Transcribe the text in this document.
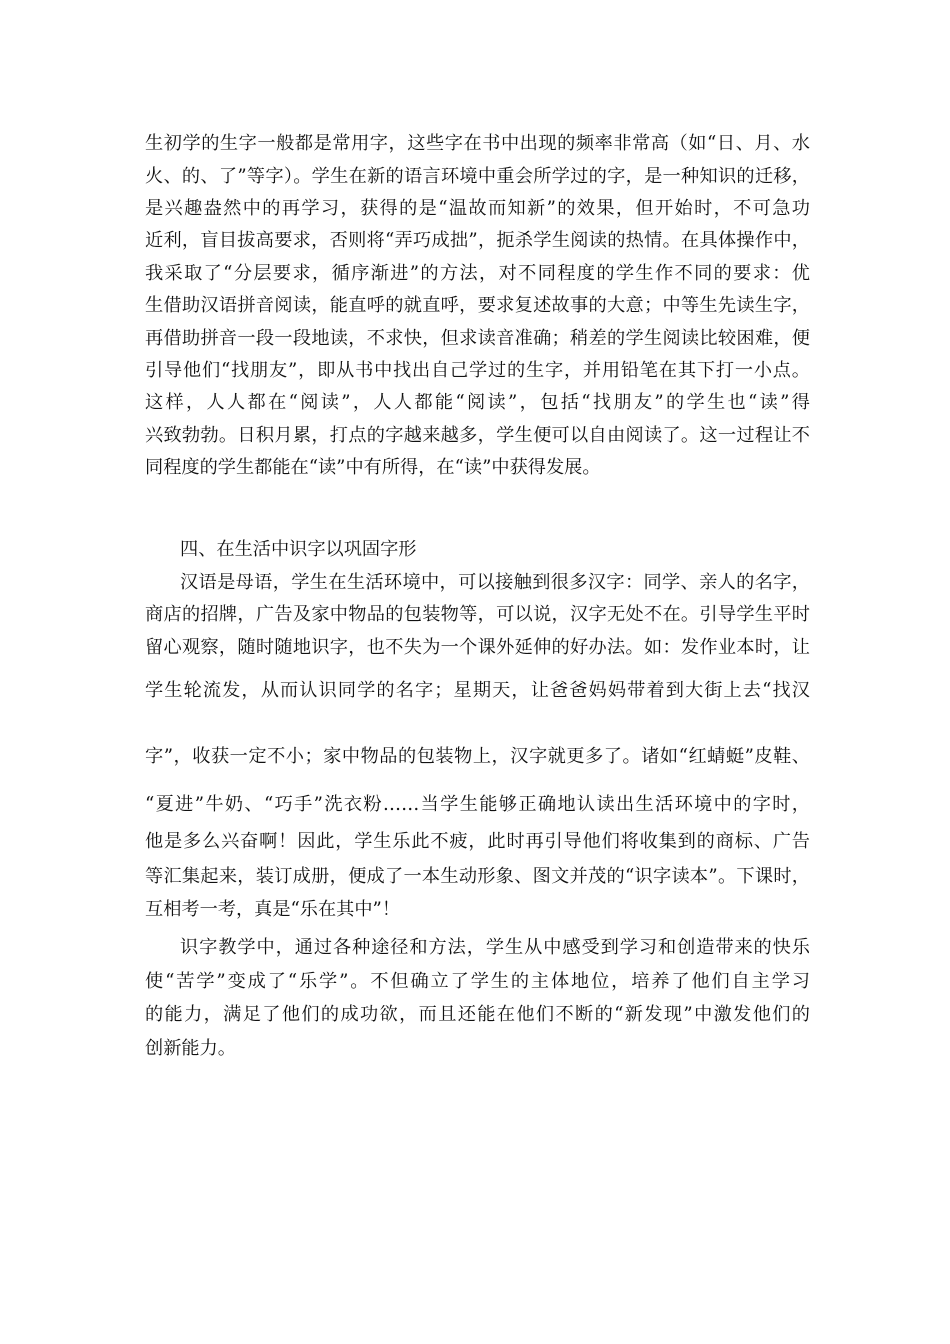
生初学的生字一般都是常用字，这些字在书中出现的频率非常高（如“日、月、水
火、的、了”等字）。学生在新的语言环境中重会所学过的字，是一种知识的迁移，
是兴趣盎然中的再学习，获得的是“温故而知新”的效果，但开始时，不可急功
近利，盲目拔高要求，否则将“弄巧成拙”，扼杀学生阅读的热情。在具体操作中，
我采取了“分层要求，循序渐进”的方法，对不同程度的学生作不同的要求：优
生借助汉语拼音阅读，能直呼的就直呼，要求复述故事的大意；中等生先读生字，
再借助拼音一段一段地读，不求快，但求读音准确；稍差的学生阅读比较困难，便
引导他们“找朋友”，即从书中找出自己学过的生字，并用铅笔在其下打一小点。
这样，人人都在“阅读”，人人都能“阅读”，包括“找朋友”的学生也“读”得
兴致勃勃。日积月累，打点的字越来越多，学生便可以自由阅读了。这一过程让不
同程度的学生都能在“读”中有所得，在“读”中获得发展。
四、在生活中识字以巩固字形
汉语是母语，学生在生活环境中，可以接触到很多汉字：同学、亲人的名字，
商店的招牌，广告及家中物品的包装物等，可以说，汉字无处不在。引导学生平时
留心观察，随时随地识字，也不失为一个课外延伸的好办法。如：发作业本时，让
学生轮流发，从而认识同学的名字；星期天，让爸爸妈妈带着到大街上去“找汉
字”，收获一定不小；家中物品的包装物上，汉字就更多了。诸如“红蜻蜓”皮鞋、
“夏进”牛奶、“巧手”洗衣粉……当学生能够正确地认读出生活环境中的字时，
他是多么兴奋啊！因此，学生乐此不疲，此时再引导他们将收集到的商标、广告
等汇集起来，装订成册，便成了一本生动形象、图文并茂的“识字读本”。下课时，
互相考一考，真是“乐在其中”！
识字教学中，通过各种途径和方法，学生从中感受到学习和创造带来的快乐
使“苦学”变成了“乐学”。不但确立了学生的主体地位，培养了他们自主学习
的能力，满足了他们的成功欲，而且还能在他们不断的“新发现”中激发他们的
创新能力。
